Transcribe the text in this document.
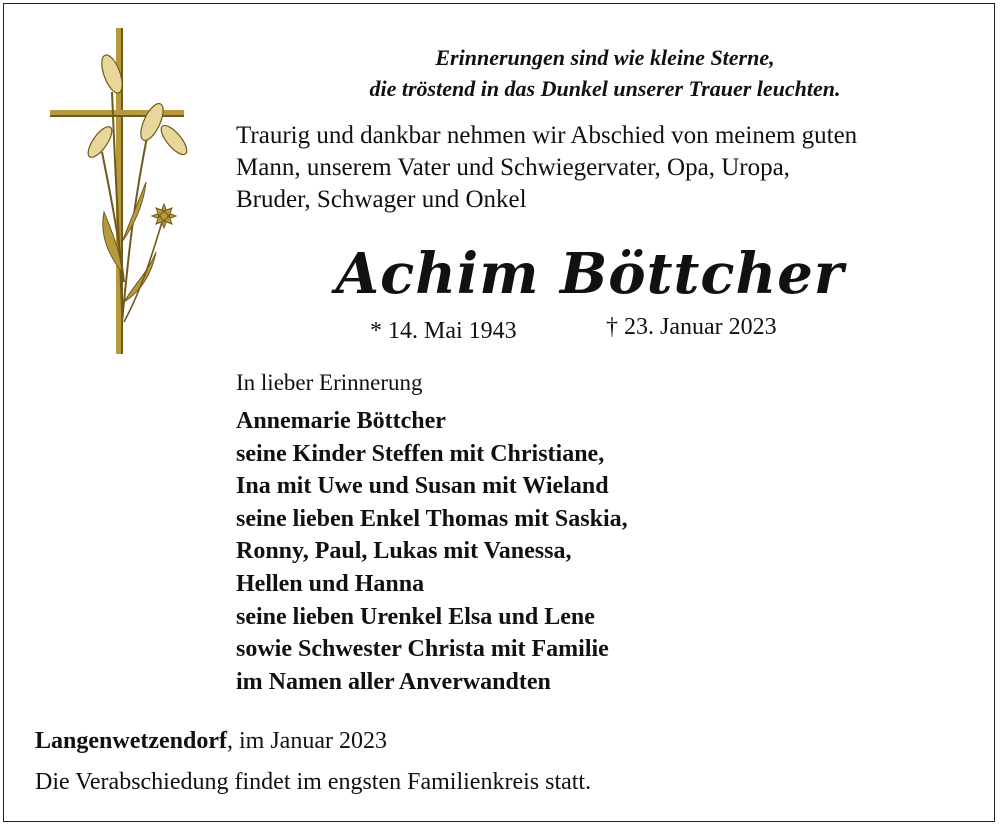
Erinnerungen sind wie kleine Sterne,
die tröstend in das Dunkel unserer Trauer leuchten.
Traurig und dankbar nehmen wir Abschied von meinem guten
Mann, unserem Vater und Schwiegervater, Opa, Uropa,
Bruder, Schwager und Onkel
Achim Böttcher
* 14. Mai 1943	† 23. Januar 2023
In lieber Erinnerung
Annemarie Böttcher
seine Kinder Steffen mit Christiane,
Ina mit Uwe und Susan mit Wieland
seine lieben Enkel Thomas mit Saskia,
Ronny, Paul, Lukas mit Vanessa,
Hellen und Hanna
seine lieben Urenkel Elsa und Lene
sowie Schwester Christa mit Familie
im Namen aller Anverwandten
Langenwetzendorf, im Januar 2023
Die Verabschiedung findet im engsten Familienkreis statt.
